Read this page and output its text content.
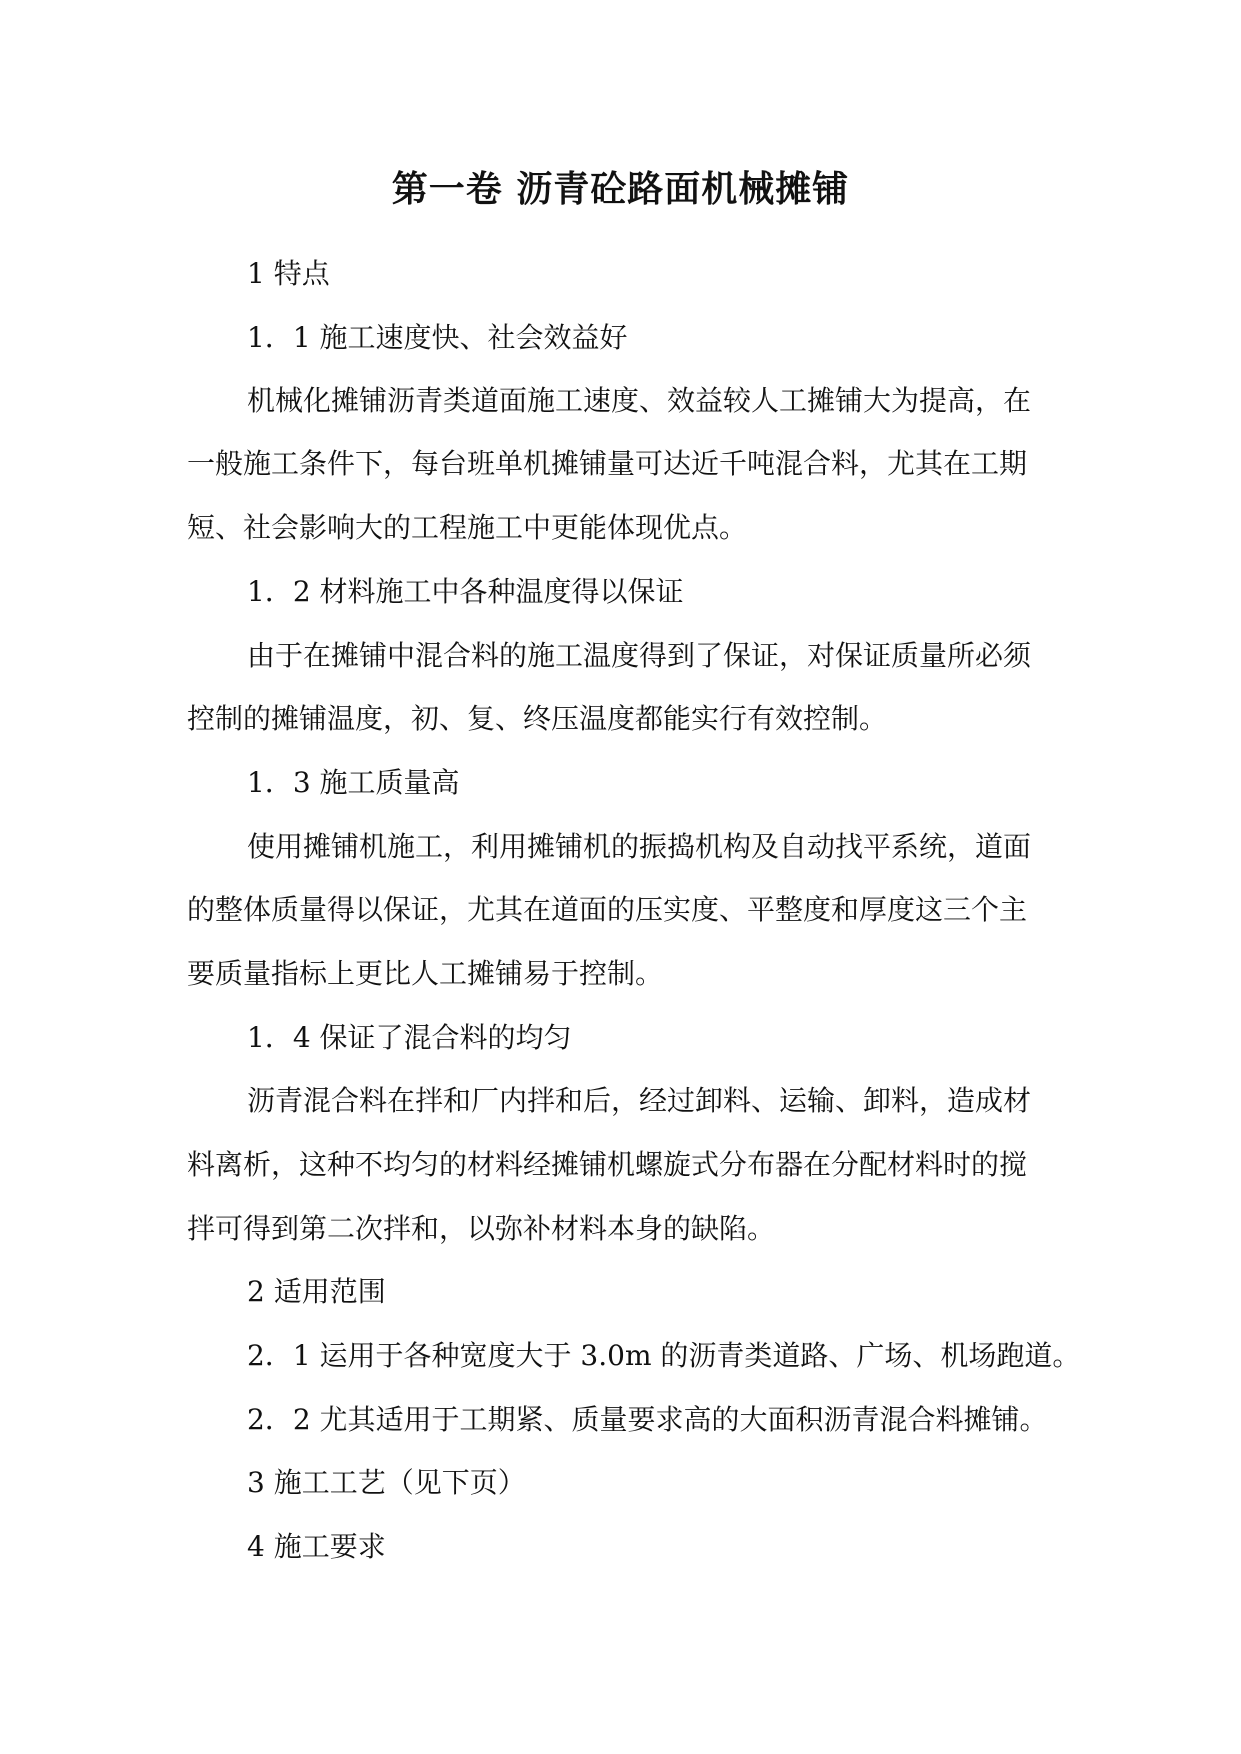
第一卷 沥青砼路面机械摊铺

1 特点

1．1 施工速度快、社会效益好

机械化摊铺沥青类道面施工速度、效益较人工摊铺大为提高，在

一般施工条件下，每台班单机摊铺量可达近千吨混合料，尤其在工期

短、社会影响大的工程施工中更能体现优点。

1．2 材料施工中各种温度得以保证

由于在摊铺中混合料的施工温度得到了保证，对保证质量所必须

控制的摊铺温度，初、复、终压温度都能实行有效控制。

1．3 施工质量高

使用摊铺机施工，利用摊铺机的振捣机构及自动找平系统，道面

的整体质量得以保证，尤其在道面的压实度、平整度和厚度这三个主

要质量指标上更比人工摊铺易于控制。

1．4 保证了混合料的均匀

沥青混合料在拌和厂内拌和后，经过卸料、运输、卸料，造成材

料离析，这种不均匀的材料经摊铺机螺旋式分布器在分配材料时的搅

拌可得到第二次拌和，以弥补材料本身的缺陷。

2 适用范围

2．1 运用于各种宽度大于 3.0m 的沥青类道路、广场、机场跑道。

2．2 尤其适用于工期紧、质量要求高的大面积沥青混合料摊铺。

3 施工工艺（见下页）

4 施工要求
